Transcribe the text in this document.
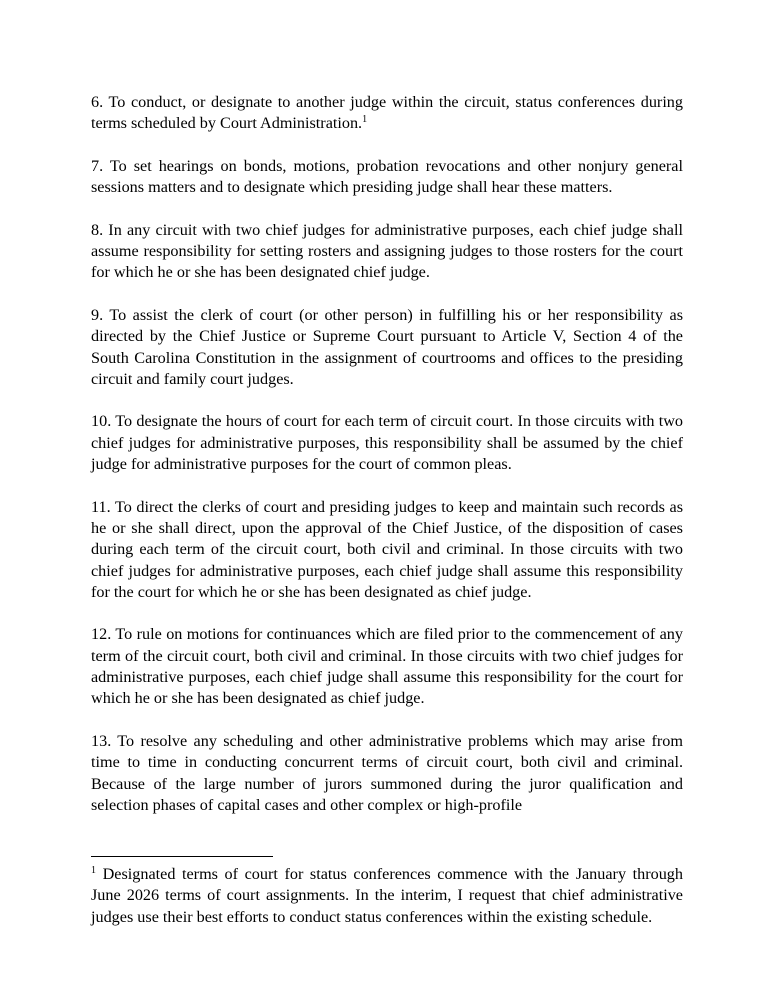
6. To conduct, or designate to another judge within the circuit, status conferences during terms scheduled by Court Administration.$^1$

7. To set hearings on bonds, motions, probation revocations and other nonjury general sessions matters and to designate which presiding judge shall hear these matters.

8. In any circuit with two chief judges for administrative purposes, each chief judge shall assume responsibility for setting rosters and assigning judges to those rosters for the court for which he or she has been designated chief judge.

9. To assist the clerk of court (or other person) in fulfilling his or her responsibility as directed by the Chief Justice or Supreme Court pursuant to Article V, Section 4 of the South Carolina Constitution in the assignment of courtrooms and offices to the presiding circuit and family court judges.

10. To designate the hours of court for each term of circuit court. In those circuits with two chief judges for administrative purposes, this responsibility shall be assumed by the chief judge for administrative purposes for the court of common pleas.

11. To direct the clerks of court and presiding judges to keep and maintain such records as he or she shall direct, upon the approval of the Chief Justice, of the disposition of cases during each term of the circuit court, both civil and criminal. In those circuits with two chief judges for administrative purposes, each chief judge shall assume this responsibility for the court for which he or she has been designated as chief judge.

12. To rule on motions for continuances which are filed prior to the commencement of any term of the circuit court, both civil and criminal. In those circuits with two chief judges for administrative purposes, each chief judge shall assume this responsibility for the court for which he or she has been designated as chief judge.

13. To resolve any scheduling and other administrative problems which may arise from time to time in conducting concurrent terms of circuit court, both civil and criminal. Because of the large number of jurors summoned during the juror qualification and selection phases of capital cases and other complex or high-profile

$^1$ Designated terms of court for status conferences commence with the January through June 2026 terms of court assignments. In the interim, I request that chief administrative judges use their best efforts to conduct status conferences within the existing schedule.
